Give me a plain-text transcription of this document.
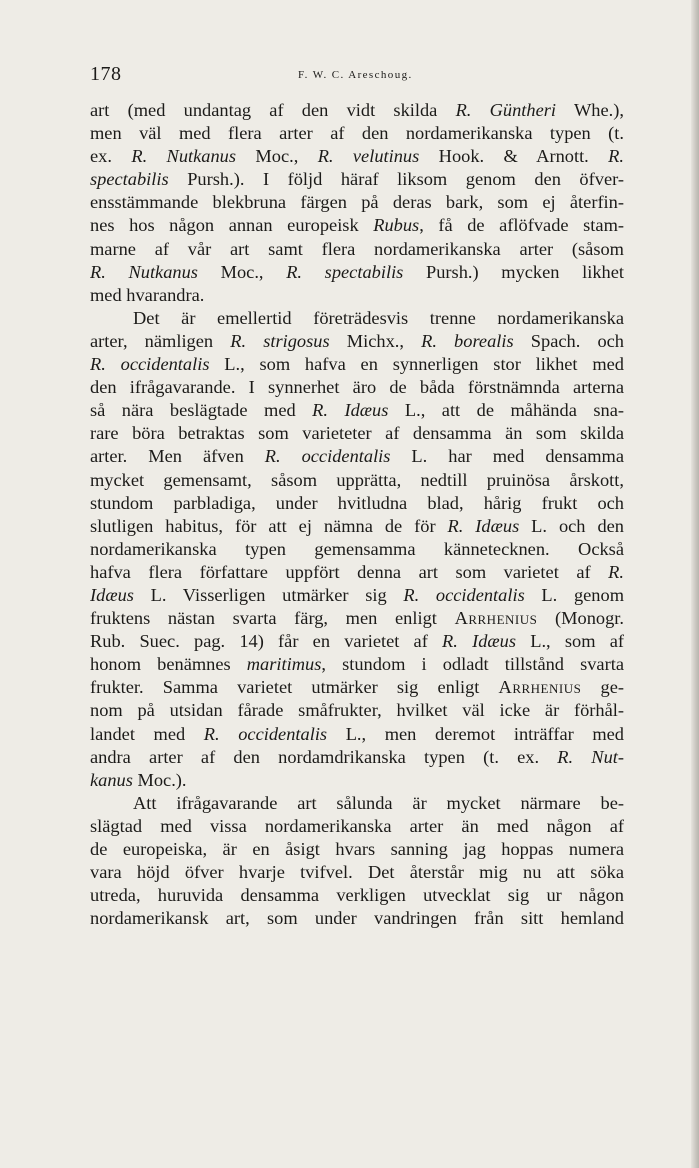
178	F. W. C. Areschoug.
art (med undantag af den vidt skilda R. Güntheri Whe.),
men väl med flera arter af den nordamerikanska typen (t.
ex. R. Nutkanus Moc., R. velutinus Hook. & Arnott. R.
spectabilis Pursh.). I följd häraf liksom genom den öfver-
ensstämmande blekbruna färgen på deras bark, som ej återfin-
nes hos någon annan europeisk Rubus, få de aflöfvade stam-
marne af vår art samt flera nordamerikanska arter (såsom
R. Nutkanus Moc., R. spectabilis Pursh.) mycken likhet
med hvarandra.
Det är emellertid företrädesvis trenne nordamerikanska
arter, nämligen R. strigosus Michx., R. borealis Spach. och
R. occidentalis L., som hafva en synnerligen stor likhet med
den ifrågavarande. I synnerhet äro de båda förstnämnda arterna
så nära beslägtade med R. Idæus L., att de måhända sna-
rare böra betraktas som varieteter af densamma än som skilda
arter. Men äfven R. occidentalis L. har med densamma
mycket gemensamt, såsom upprätta, nedtill pruinösa årskott,
stundom parbladiga, under hvitludna blad, hårig frukt och
slutligen habitus, för att ej nämna de för R. Idæus L. och den
nordamerikanska typen gemensamma kännetecknen. Också
hafva flera författare uppfört denna art som varietet af R.
Idæus L. Visserligen utmärker sig R. occidentalis L. genom
fruktens nästan svarta färg, men enligt Arrhenius (Monogr.
Rub. Suec. pag. 14) får en varietet af R. Idæus L., som af
honom benämnes maritimus, stundom i odladt tillstånd svarta
frukter. Samma varietet utmärker sig enligt Arrhenius ge-
nom på utsidan fårade småfrukter, hvilket väl icke är förhål-
landet med R. occidentalis L., men deremot inträffar med
andra arter af den nordamdrikanska typen (t. ex. R. Nut-
kanus Moc.).
Att ifrågavarande art sålunda är mycket närmare be-
slägtad med vissa nordamerikanska arter än med någon af
de europeiska, är en åsigt hvars sanning jag hoppas numera
vara höjd öfver hvarje tvifvel. Det återstår mig nu att söka
utreda, huruvida densamma verkligen utvecklat sig ur någon
nordamerikansk art, som under vandringen från sitt hemland
